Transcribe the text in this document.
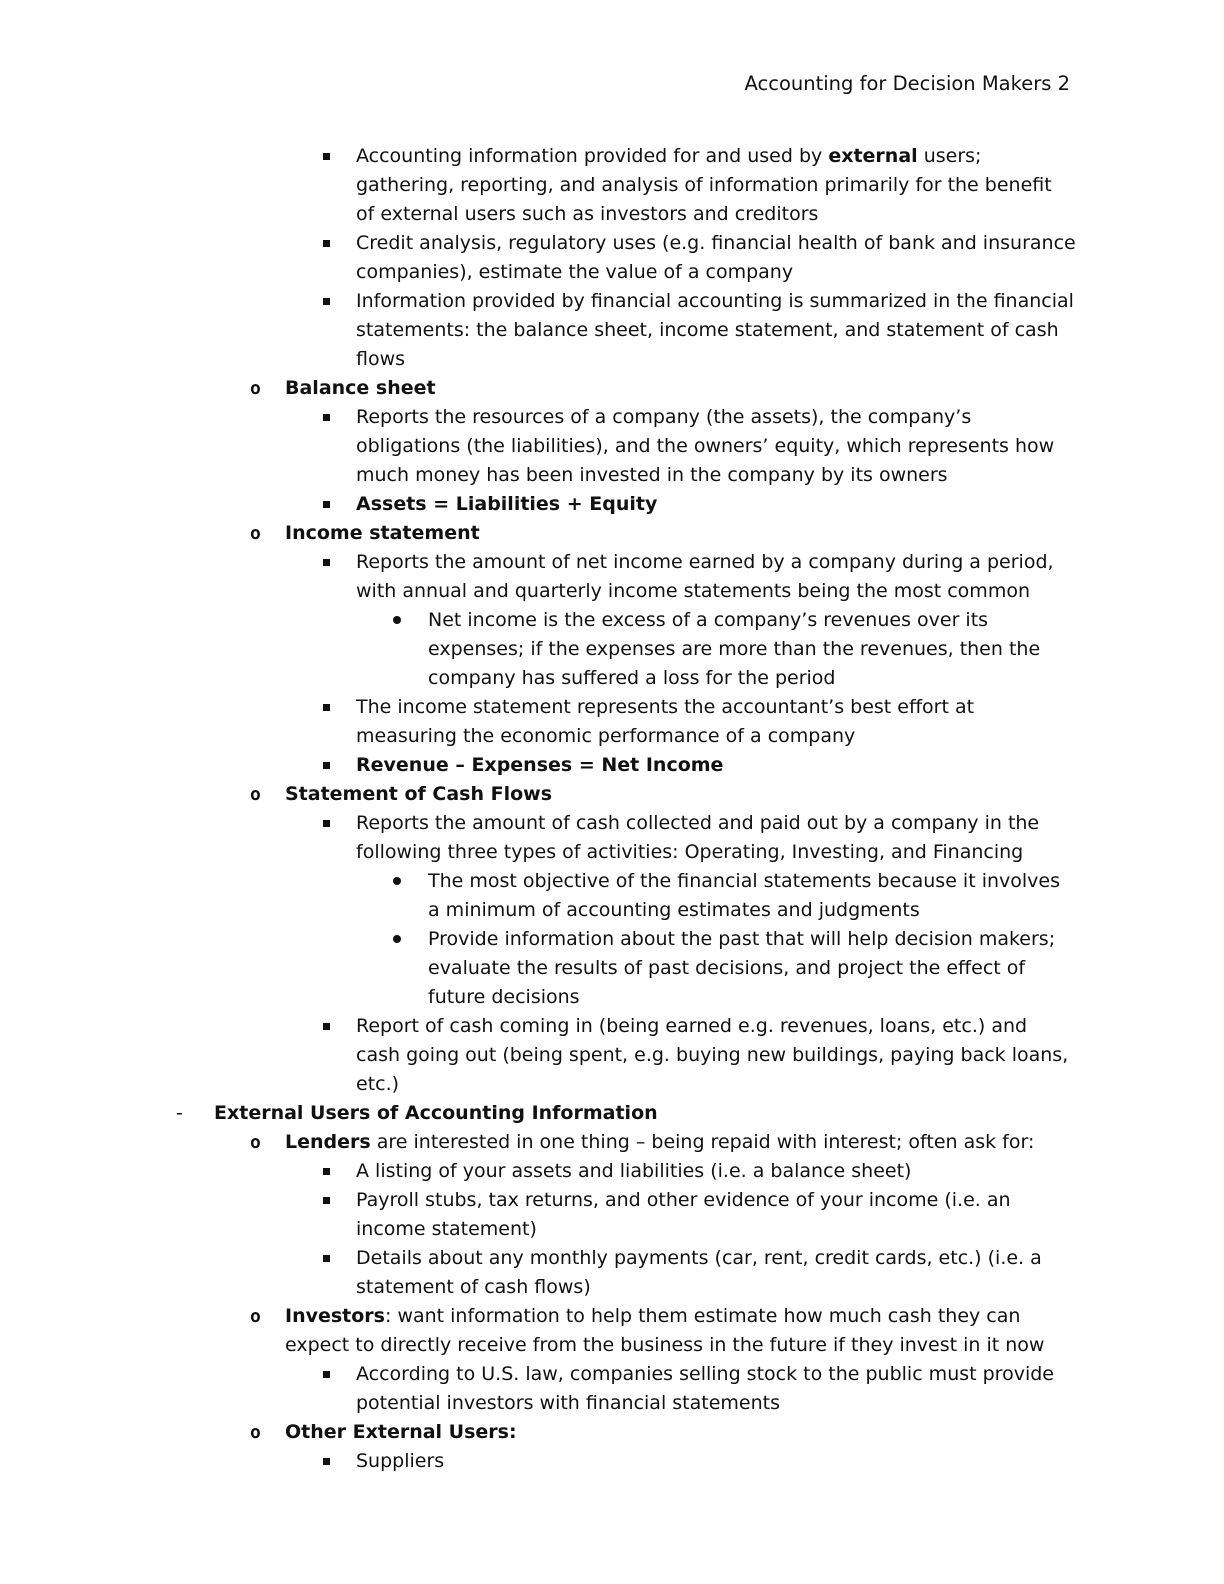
Accounting for Decision Makers 2
Accounting information provided for and used by external users; gathering, reporting, and analysis of information primarily for the benefit of external users such as investors and creditors
Credit analysis, regulatory uses (e.g. financial health of bank and insurance companies), estimate the value of a company
Information provided by financial accounting is summarized in the financial statements: the balance sheet, income statement, and statement of cash flows
o Balance sheet
Reports the resources of a company (the assets), the company’s obligations (the liabilities), and the owners’ equity, which represents how much money has been invested in the company by its owners
Assets = Liabilities + Equity
o Income statement
Reports the amount of net income earned by a company during a period, with annual and quarterly income statements being the most common
Net income is the excess of a company’s revenues over its expenses; if the expenses are more than the revenues, then the company has suffered a loss for the period
The income statement represents the accountant’s best effort at measuring the economic performance of a company
Revenue – Expenses = Net Income
o Statement of Cash Flows
Reports the amount of cash collected and paid out by a company in the following three types of activities: Operating, Investing, and Financing
The most objective of the financial statements because it involves a minimum of accounting estimates and judgments
Provide information about the past that will help decision makers; evaluate the results of past decisions, and project the effect of future decisions
Report of cash coming in (being earned e.g. revenues, loans, etc.) and cash going out (being spent, e.g. buying new buildings, paying back loans, etc.)
- External Users of Accounting Information
o Lenders are interested in one thing – being repaid with interest; often ask for:
A listing of your assets and liabilities (i.e. a balance sheet)
Payroll stubs, tax returns, and other evidence of your income (i.e. an income statement)
Details about any monthly payments (car, rent, credit cards, etc.) (i.e. a statement of cash flows)
o Investors: want information to help them estimate how much cash they can expect to directly receive from the business in the future if they invest in it now
According to U.S. law, companies selling stock to the public must provide potential investors with financial statements
o Other External Users:
Suppliers
